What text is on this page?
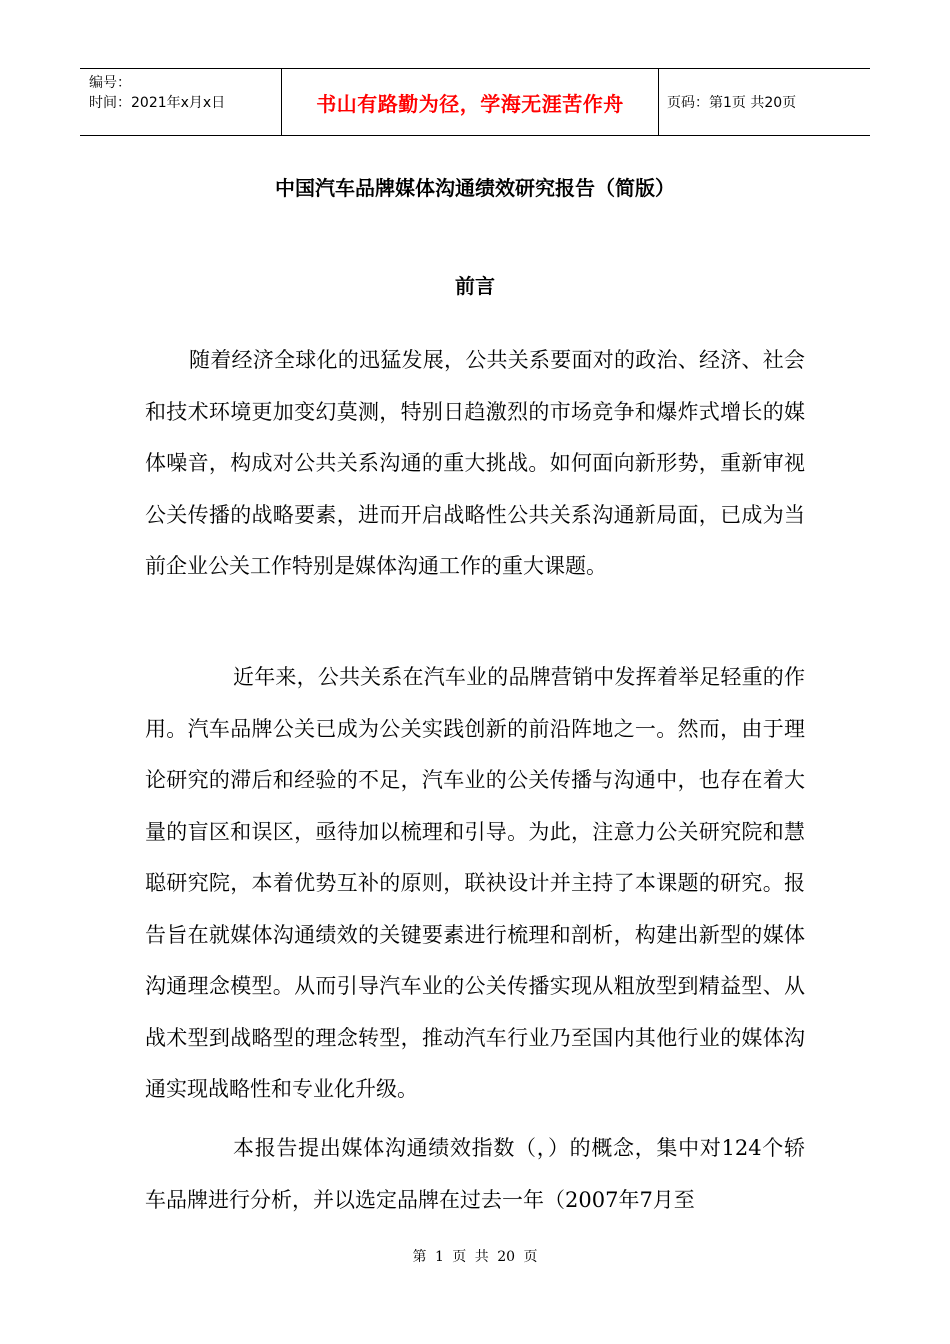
编号：
时间：2021年x月x日	书山有路勤为径，学海无涯苦作舟	页码：第1页 共20页
中国汽车品牌媒体沟通绩效研究报告（简版）
前言

随着经济全球化的迅猛发展，公共关系要面对的政治、经济、社会和技术环境更加变幻莫测，特别日趋激烈的市场竞争和爆炸式增长的媒体噪音，构成对公共关系沟通的重大挑战。如何面向新形势，重新审视公关传播的战略要素，进而开启战略性公共关系沟通新局面，已成为当前企业公关工作特别是媒体沟通工作的重大课题。

近年来，公共关系在汽车业的品牌营销中发挥着举足轻重的作用。汽车品牌公关已成为公关实践创新的前沿阵地之一。然而，由于理论研究的滞后和经验的不足，汽车业的公关传播与沟通中，也存在着大量的盲区和误区，亟待加以梳理和引导。为此，注意力公关研究院和慧聪研究院，本着优势互补的原则，联袂设计并主持了本课题的研究。报告旨在就媒体沟通绩效的关键要素进行梳理和剖析，构建出新型的媒体沟通理念模型。从而引导汽车业的公关传播实现从粗放型到精益型、从战术型到战略型的理念转型，推动汽车行业乃至国内其他行业的媒体沟通实现战略性和专业化升级。

本报告提出媒体沟通绩效指数（，）的概念，集中对124个轿车品牌进行分析，并以选定品牌在过去一年（2007年7月至

第 1 页 共 20 页
